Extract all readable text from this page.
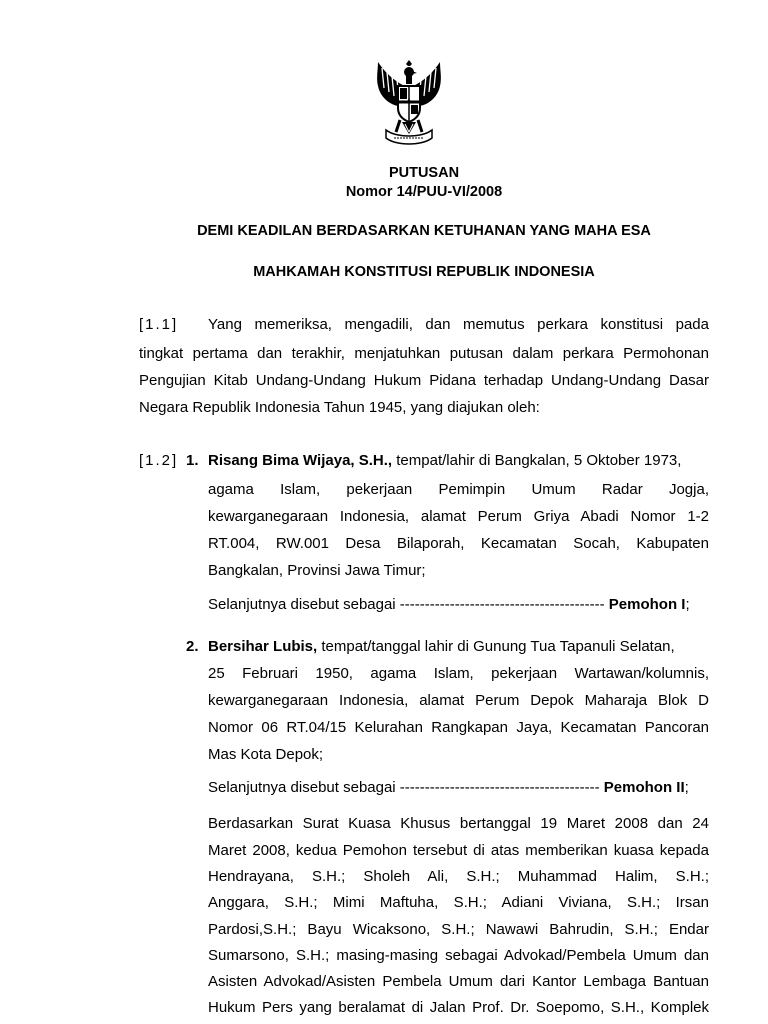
PUTUSAN
Nomor 14/PUU-VI/2008
DEMI KEADILAN BERDASARKAN KETUHANAN YANG MAHA ESA
MAHKAMAH KONSTITUSI REPUBLIK INDONESIA
[1.1] Yang memeriksa, mengadili, dan memutus perkara konstitusi pada
tingkat pertama dan terakhir, menjatuhkan putusan dalam perkara Permohonan
Pengujian Kitab Undang-Undang Hukum Pidana terhadap Undang-Undang Dasar
Negara Republik Indonesia Tahun 1945, yang diajukan oleh:
[1.2] 1. Risang Bima Wijaya, S.H., tempat/lahir di Bangkalan, 5 Oktober 1973,
agama Islam, pekerjaan Pemimpin Umum Radar Jogja,
kewarganegaraan Indonesia, alamat Perum Griya Abadi Nomor 1-2
RT.004, RW.001 Desa Bilaporah, Kecamatan Socah, Kabupaten
Bangkalan, Provinsi Jawa Timur;
Selanjutnya disebut sebagai ----------------------------------------- Pemohon I;
2. Bersihar Lubis, tempat/tanggal lahir di Gunung Tua Tapanuli Selatan,
25 Februari 1950, agama Islam, pekerjaan Wartawan/kolumnis,
kewarganegaraan Indonesia, alamat Perum Depok Maharaja Blok D
Nomor 06 RT.04/15 Kelurahan Rangkapan Jaya, Kecamatan Pancoran
Mas Kota Depok;
Selanjutnya disebut sebagai ---------------------------------------- Pemohon II;
Berdasarkan Surat Kuasa Khusus bertanggal 19 Maret 2008 dan 24
Maret 2008, kedua Pemohon tersebut di atas memberikan kuasa kepada
Hendrayana, S.H.; Sholeh Ali, S.H.; Muhammad Halim, S.H.;
Anggara, S.H.; Mimi Maftuha, S.H.; Adiani Viviana, S.H.; Irsan
Pardosi,S.H.; Bayu Wicaksono, S.H.; Nawawi Bahrudin, S.H.; Endar
Sumarsono, S.H.; masing-masing sebagai Advokad/Pembela Umum dan
Asisten Advokad/Asisten Pembela Umum dari Kantor Lembaga Bantuan
Hukum Pers yang beralamat di Jalan Prof. Dr. Soepomo, S.H., Komplek
